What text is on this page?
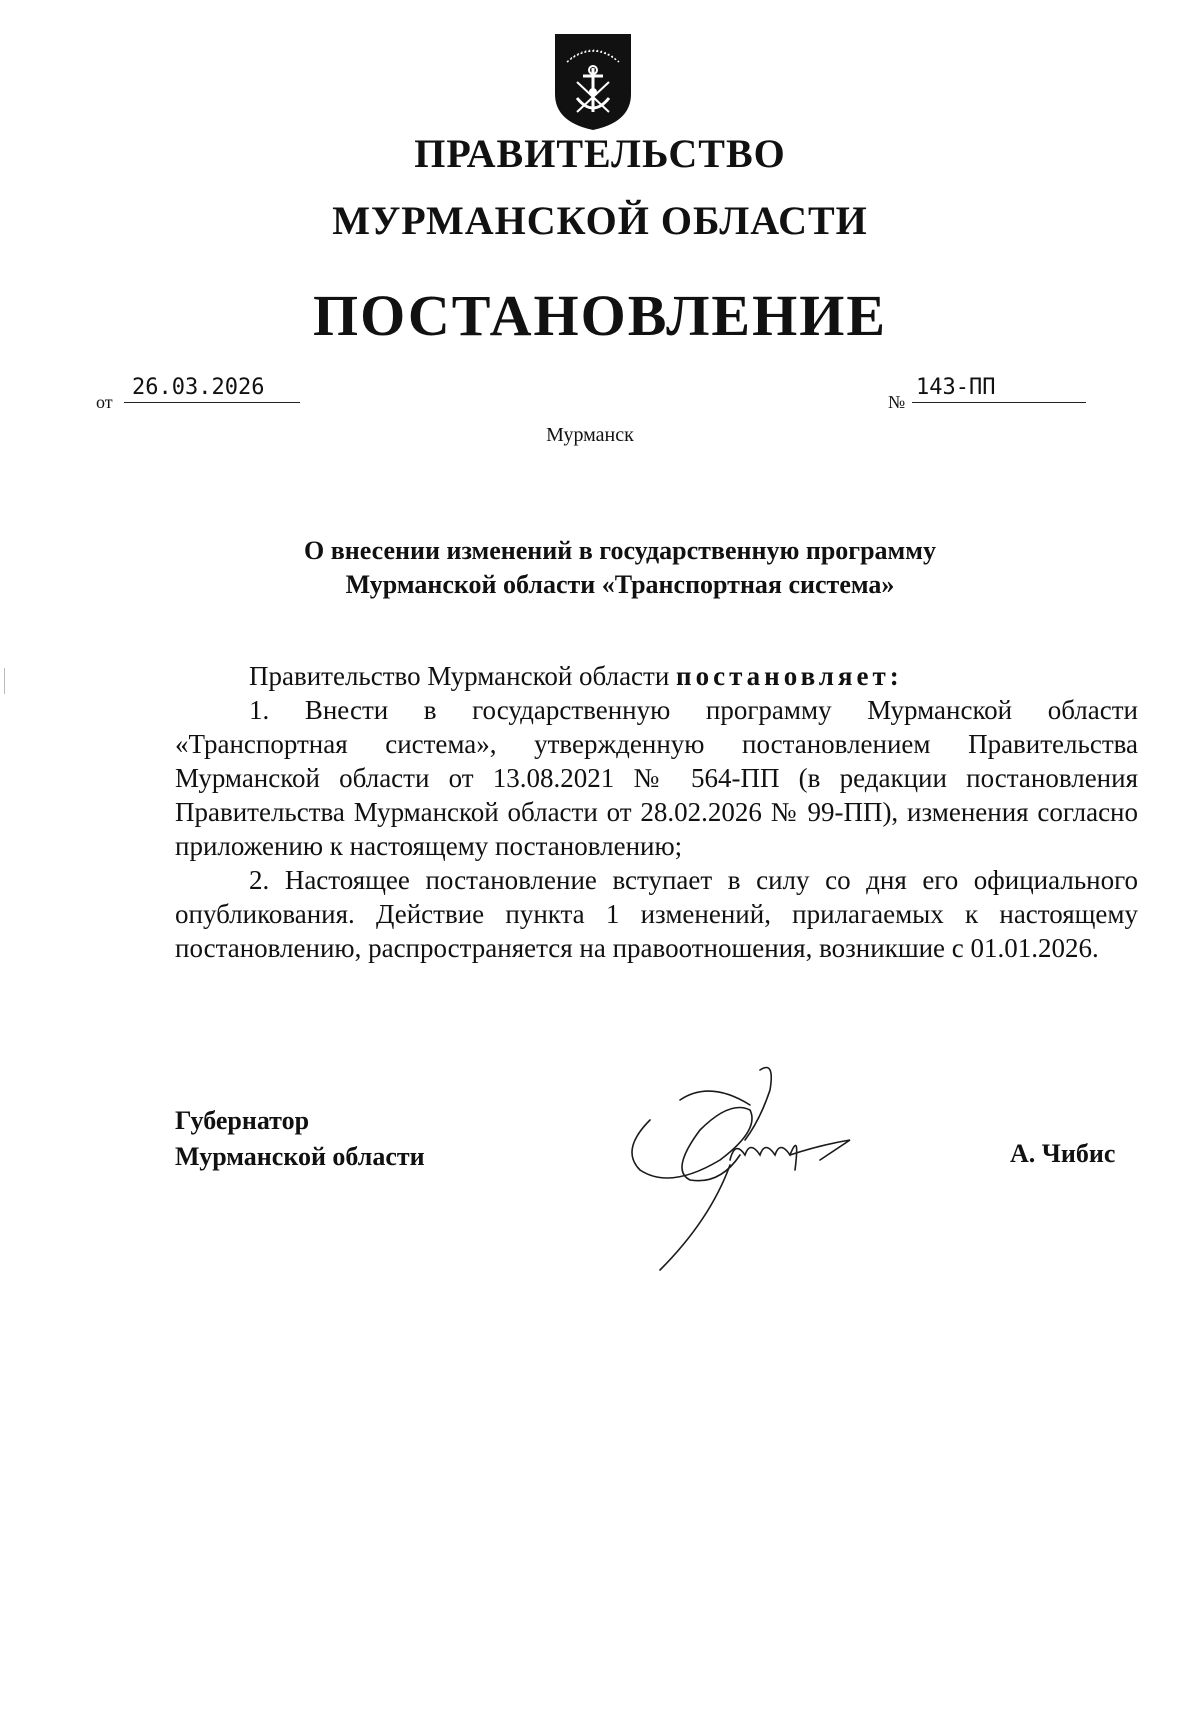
ПРАВИТЕЛЬСТВО
МУРМАНСКОЙ ОБЛАСТИ
ПОСТАНОВЛЕНИЕ
от
26.03.2026
№
143-ПП
Мурманск
О внесении изменений в государственную программу
Мурманской области «Транспортная система»

Правительство Мурманской области постановляет:

1. Внести в государственную программу Мурманской области «Транспортная система», утвержденную постановлением Правительства Мурманской области от 13.08.2021 № 564-ПП (в редакции постановления Правительства Мурманской области от 28.02.2026 № 99-ПП), изменения согласно приложению к настоящему постановлению;

2. Настоящее постановление вступает в силу со дня его официального опубликования. Действие пункта 1 изменений, прилагаемых к настоящему постановлению, распространяется на правоотношения, возникшие с 01.01.2026.

Губернатор
Мурманской области	А. Чибис
